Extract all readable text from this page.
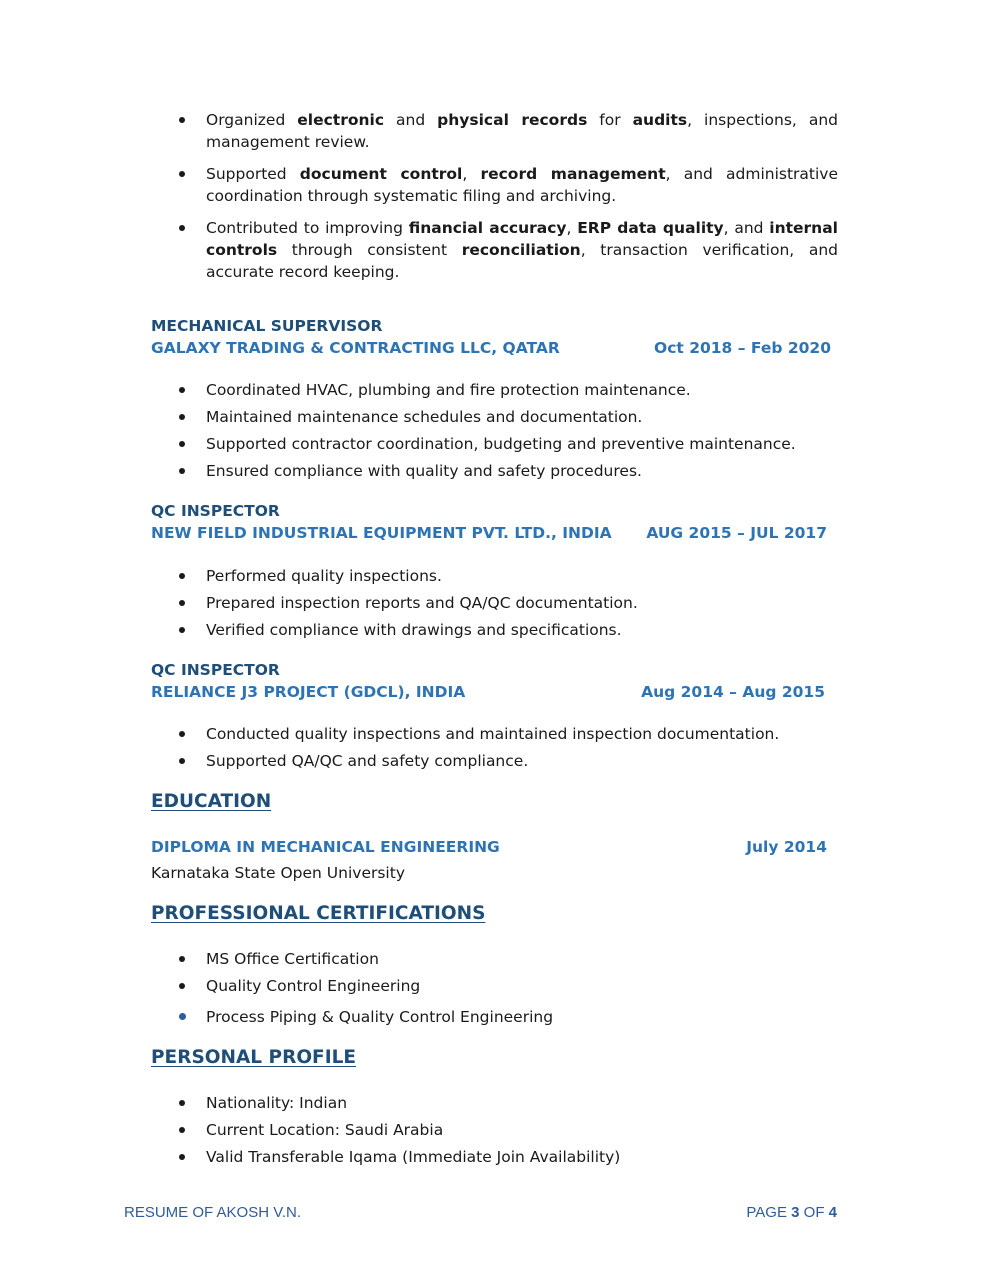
Organized electronic and physical records for audits, inspections, and management review.
Supported document control, record management, and administrative coordination through systematic filing and archiving.
Contributed to improving financial accuracy, ERP data quality, and internal controls through consistent reconciliation, transaction verification, and accurate record keeping.
MECHANICAL SUPERVISOR
GALAXY TRADING & CONTRACTING LLC, QATAR	Oct 2018 – Feb 2020
Coordinated HVAC, plumbing and fire protection maintenance.
Maintained maintenance schedules and documentation.
Supported contractor coordination, budgeting and preventive maintenance.
Ensured compliance with quality and safety procedures.
QC INSPECTOR
NEW FIELD INDUSTRIAL EQUIPMENT PVT. LTD., INDIA AUG 2015 – JUL 2017
Performed quality inspections.
Prepared inspection reports and QA/QC documentation.
Verified compliance with drawings and specifications.
QC INSPECTOR
RELIANCE J3 PROJECT (GDCL), INDIA	Aug 2014 – Aug 2015
Conducted quality inspections and maintained inspection documentation.
Supported QA/QC and safety compliance.
EDUCATION
DIPLOMA IN MECHANICAL ENGINEERING	July 2014
Karnataka State Open University
PROFESSIONAL CERTIFICATIONS
MS Office Certification
Quality Control Engineering
Process Piping & Quality Control Engineering
PERSONAL PROFILE
Nationality: Indian
Current Location: Saudi Arabia
Valid Transferable Iqama (Immediate Join Availability)
RESUME OF AKOSH V.N.	PAGE 3 OF 4
